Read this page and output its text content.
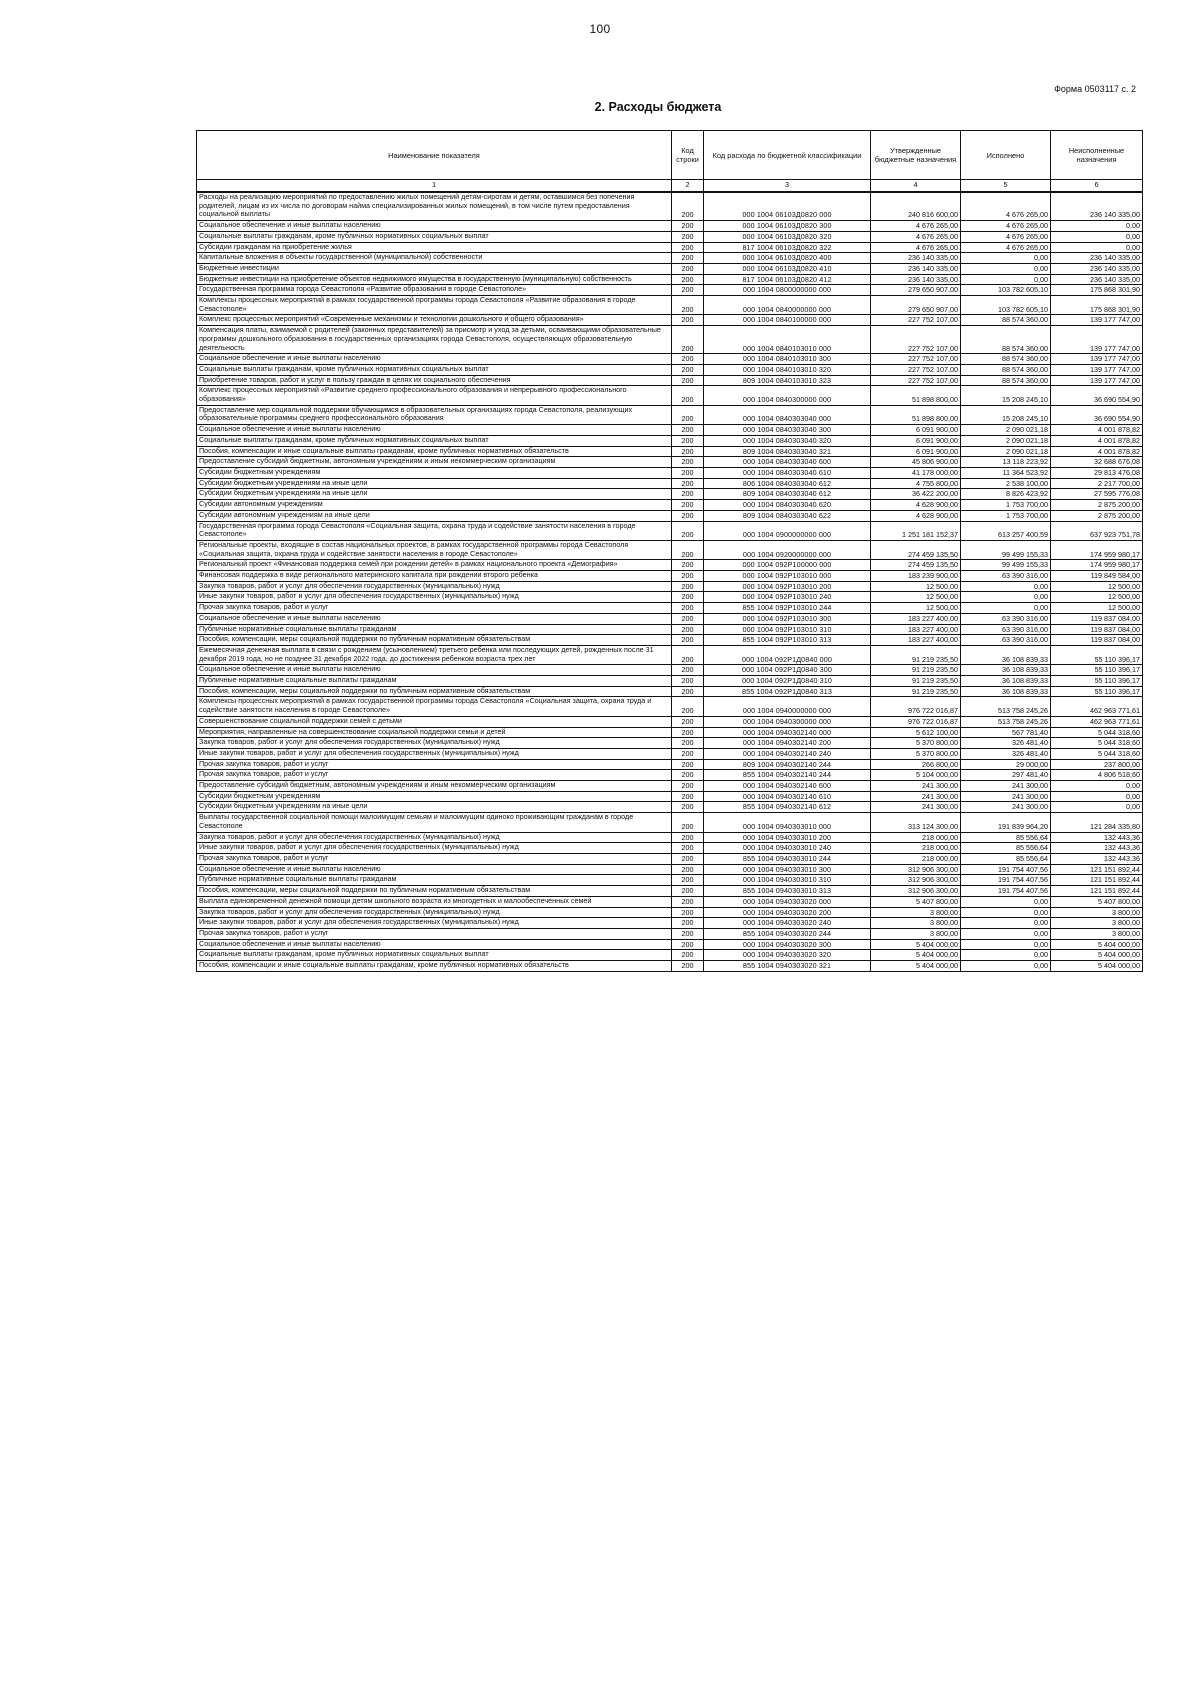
100
Форма 0503117 с. 2
2. Расходы бюджета
Наименование показателя	Код строки	Код расхода по бюджетной классификации	Утвержденные бюджетные назначения	Исполнено	Неисполненные назначения
1	2	3	4	5	6
Расходы на реализацию мероприятий по предоставлению жилых помещений детям-сиротам и детям, оставшимся без попечения родителей, лицам из их числа по договорам найма специализированных жилых помещений, в том числе путем предоставления социальной выплаты	200	000 1004 06103Д0820 000	240 816 600,00	4 676 265,00	236 140 335,00
Социальное обеспечение и иные выплаты населению	200	000 1004 06103Д0820 300	4 676 265,00	4 676 265,00	0,00
Социальные выплаты гражданам, кроме публичных нормативных социальных выплат	200	000 1004 06103Д0820 320	4 676 265,00	4 676 265,00	0,00
Субсидии гражданам на приобретение жилья	200	817 1004 06103Д0820 322	4 676 265,00	4 676 265,00	0,00
Капитальные вложения в объекты государственной (муниципальной) собственности	200	000 1004 06103Д0820 400	236 140 335,00	0,00	236 140 335,00
Бюджетные инвестиции	200	000 1004 06103Д0820 410	236 140 335,00	0,00	236 140 335,00
Бюджетные инвестиции на приобретение объектов недвижимого имущества в государственную (муниципальную) собственность	200	817 1004 06103Д0820 412	236 140 335,00	0,00	236 140 335,00
Государственная программа города Севастополя «Развитие образования в городе Севастополе»	200	000 1004 0800000000 000	279 650 907,00	103 782 605,10	175 868 301,90
Комплексы процессных мероприятий в рамках государственной программы города Севастополя «Развитие образования в городе Севастополе»	200	000 1004 0840000000 000	279 650 907,00	103 782 605,10	175 868 301,90
Комплекс процессных мероприятий «Современные механизмы и технологии дошкольного и общего образования»	200	000 1004 0840100000 000	227 752 107,00	88 574 360,00	139 177 747,00
Компенсация платы, взимаемой с родителей (законных представителей) за присмотр и уход за детьми, осваивающими образовательные программы дошкольного образования в государственных организациях города Севастополя, осуществляющих образовательную деятельность	200	000 1004 0840103010 000	227 752 107,00	88 574 360,00	139 177 747,00
Социальное обеспечение и иные выплаты населению	200	000 1004 0840103010 300	227 752 107,00	88 574 360,00	139 177 747,00
Социальные выплаты гражданам, кроме публичных нормативных социальных выплат	200	000 1004 0840103010 320	227 752 107,00	88 574 360,00	139 177 747,00
Приобретение товаров, работ и услуг в пользу граждан в целях их социального обеспечения	200	809 1004 0840103010 323	227 752 107,00	88 574 360,00	139 177 747,00
Комплекс процессных мероприятий «Развитие среднего профессионального образования и непрерывного профессионального образования»	200	000 1004 0840300000 000	51 898 800,00	15 208 245,10	36 690 554,90
Предоставление мер социальной поддержки обучающимся в образовательных организациях города Севастополя, реализующих образовательные программы среднего профессионального образования	200	000 1004 0840303040 000	51 898 800,00	15 208 245,10	36 690 554,90
Социальное обеспечение и иные выплаты населению	200	000 1004 0840303040 300	6 091 900,00	2 090 021,18	4 001 878,82
Социальные выплаты гражданам, кроме публичных нормативных социальных выплат	200	000 1004 0840303040 320	6 091 900,00	2 090 021,18	4 001 878,82
Пособия, компенсации и иные социальные выплаты гражданам, кроме публичных нормативных обязательств	200	809 1004 0840303040 321	6 091 900,00	2 090 021,18	4 001 878,82
Предоставление субсидий бюджетным, автономным учреждениям и иным некоммерческим организациям	200	000 1004 0840303040 600	45 806 900,00	13 118 223,92	32 688 676,08
Субсидии бюджетным учреждениям	200	000 1004 0840303040 610	41 178 000,00	11 364 523,92	29 813 476,08
Субсидии бюджетным учреждениям на иные цели	200	806 1004 0840303040 612	4 755 800,00	2 538 100,00	2 217 700,00
Субсидии бюджетным учреждениям на иные цели	200	809 1004 0840303040 612	36 422 200,00	8 826 423,92	27 595 776,08
Субсидии автономным учреждениям	200	000 1004 0840303040 620	4 628 900,00	1 753 700,00	2 875 200,00
Субсидии автономным учреждениям на иные цели	200	809 1004 0840303040 622	4 628 900,00	1 753 700,00	2 875 200,00
Государственная программа города Севастополя «Социальная защита, охрана труда и содействие занятости населения в городе Севастополе»	200	000 1004 0900000000 000	1 251 181 152,37	613 257 400,59	637 923 751,78
Региональные проекты, входящие в состав национальных проектов, в рамках государственной программы города Севастополя «Социальная защита, охрана труда и содействие занятости населения в городе Севастополе»	200	000 1004 0920000000 000	274 459 135,50	99 499 155,33	174 959 980,17
Региональный проект «Финансовая поддержка семей при рождении детей» в рамках национального проекта «Демография»	200	000 1004 092P100000 000	274 459 135,50	99 499 155,33	174 959 980,17
Финансовая поддержка в виде регионального материнского капитала при рождении второго ребенка	200	000 1004 092P103010 000	183 239 900,00	63 390 316,00	119 849 584,00
Закупка товаров, работ и услуг для обеспечения государственных (муниципальных) нужд	200	000 1004 092P103010 200	12 500,00	0,00	12 500,00
Иные закупки товаров, работ и услуг для обеспечения государственных (муниципальных) нужд	200	000 1004 092P103010 240	12 500,00	0,00	12 500,00
Прочая закупка товаров, работ и услуг	200	855 1004 092P103010 244	12 500,00	0,00	12 500,00
Социальное обеспечение и иные выплаты населению	200	000 1004 092P103010 300	183 227 400,00	63 390 316,00	119 837 084,00
Публичные нормативные социальные выплаты гражданам	200	000 1004 092P103010 310	183 227 400,00	63 390 316,00	119 837 084,00
Пособия, компенсации, меры социальной поддержки по публичным нормативным обязательствам	200	855 1004 092P103010 313	183 227 400,00	63 390 316,00	119 837 084,00
Ежемесячная денежная выплата в связи с рождением (усыновлением) третьего ребенка или последующих детей, рожденных после 31 декабря 2019 года, но не позднее 31 декабря 2022 года, до достижения ребенком возраста трех лет	200	000 1004 092P1Д0840 000	91 219 235,50	36 108 839,33	55 110 396,17
Социальное обеспечение и иные выплаты населению	200	000 1004 092P1Д0840 300	91 219 235,50	36 108 839,33	55 110 396,17
Публичные нормативные социальные выплаты гражданам	200	000 1004 092P1Д0840 310	91 219 235,50	36 108 839,33	55 110 396,17
Пособия, компенсации, меры социальной поддержки по публичным нормативным обязательствам	200	855 1004 092P1Д0840 313	91 219 235,50	36 108 839,33	55 110 396,17
Комплексы процессных мероприятий в рамках государственной программы города Севастополя «Социальная защита, охрана труда и содействие занятости населения в городе Севастополе»	200	000 1004 0940000000 000	976 722 016,87	513 758 245,26	462 963 771,61
Совершенствование социальной поддержки семей с детьми	200	000 1004 0940300000 000	976 722 016,87	513 758 245,26	462 963 771,61
Мероприятия, направленные на совершенствование социальной поддержки семьи и детей	200	000 1004 0940302140 000	5 612 100,00	567 781,40	5 044 318,60
Закупка товаров, работ и услуг для обеспечения государственных (муниципальных) нужд	200	000 1004 0940302140 200	5 370 800,00	326 481,40	5 044 318,60
Иные закупки товаров, работ и услуг для обеспечения государственных (муниципальных) нужд	200	000 1004 0940302140 240	5 370 800,00	326 481,40	5 044 318,60
Прочая закупка товаров, работ и услуг	200	809 1004 0940302140 244	266 800,00	29 000,00	237 800,00
Прочая закупка товаров, работ и услуг	200	855 1004 0940302140 244	5 104 000,00	297 481,40	4 806 518,60
Предоставление субсидий бюджетным, автономным учреждениям и иным некоммерческим организациям	200	000 1004 0940302140 600	241 300,00	241 300,00	0,00
Субсидии бюджетным учреждениям	200	000 1004 0940302140 610	241 300,00	241 300,00	0,00
Субсидии бюджетным учреждениям на иные цели	200	855 1004 0940302140 612	241 300,00	241 300,00	0,00
Выплаты государственной социальной помощи малоимущим семьям и малоимущим одиноко проживающим гражданам в городе Севастополе	200	000 1004 0940303010 000	313 124 300,00	191 839 964,20	121 284 335,80
Закупка товаров, работ и услуг для обеспечения государственных (муниципальных) нужд	200	000 1004 0940303010 200	218 000,00	85 556,64	132 443,36
Иные закупки товаров, работ и услуг для обеспечения государственных (муниципальных) нужд	200	000 1004 0940303010 240	218 000,00	85 556,64	132 443,36
Прочая закупка товаров, работ и услуг	200	855 1004 0940303010 244	218 000,00	85 556,64	132 443,36
Социальное обеспечение и иные выплаты населению	200	000 1004 0940303010 300	312 906 300,00	191 754 407,56	121 151 892,44
Публичные нормативные социальные выплаты гражданам	200	000 1004 0940303010 310	312 906 300,00	191 754 407,56	121 151 892,44
Пособия, компенсации, меры социальной поддержки по публичным нормативным обязательствам	200	855 1004 0940303010 313	312 906 300,00	191 754 407,56	121 151 892,44
Выплата единовременной денежной помощи детям школьного возраста из многодетных и малообеспеченных семей	200	000 1004 0940303020 000	5 407 800,00	0,00	5 407 800,00
Закупка товаров, работ и услуг для обеспечения государственных (муниципальных) нужд	200	000 1004 0940303020 200	3 800,00	0,00	3 800,00
Иные закупки товаров, работ и услуг для обеспечения государственных (муниципальных) нужд	200	000 1004 0940303020 240	3 800,00	0,00	3 800,00
Прочая закупка товаров, работ и услуг	200	855 1004 0940303020 244	3 800,00	0,00	3 800,00
Социальное обеспечение и иные выплаты населению	200	000 1004 0940303020 300	5 404 000,00	0,00	5 404 000,00
Социальные выплаты гражданам, кроме публичных нормативных социальных выплат	200	000 1004 0940303020 320	5 404 000,00	0,00	5 404 000,00
Пособия, компенсации и иные социальные выплаты гражданам, кроме публичных нормативных обязательств	200	855 1004 0940303020 321	5 404 000,00	0,00	5 404 000,00
